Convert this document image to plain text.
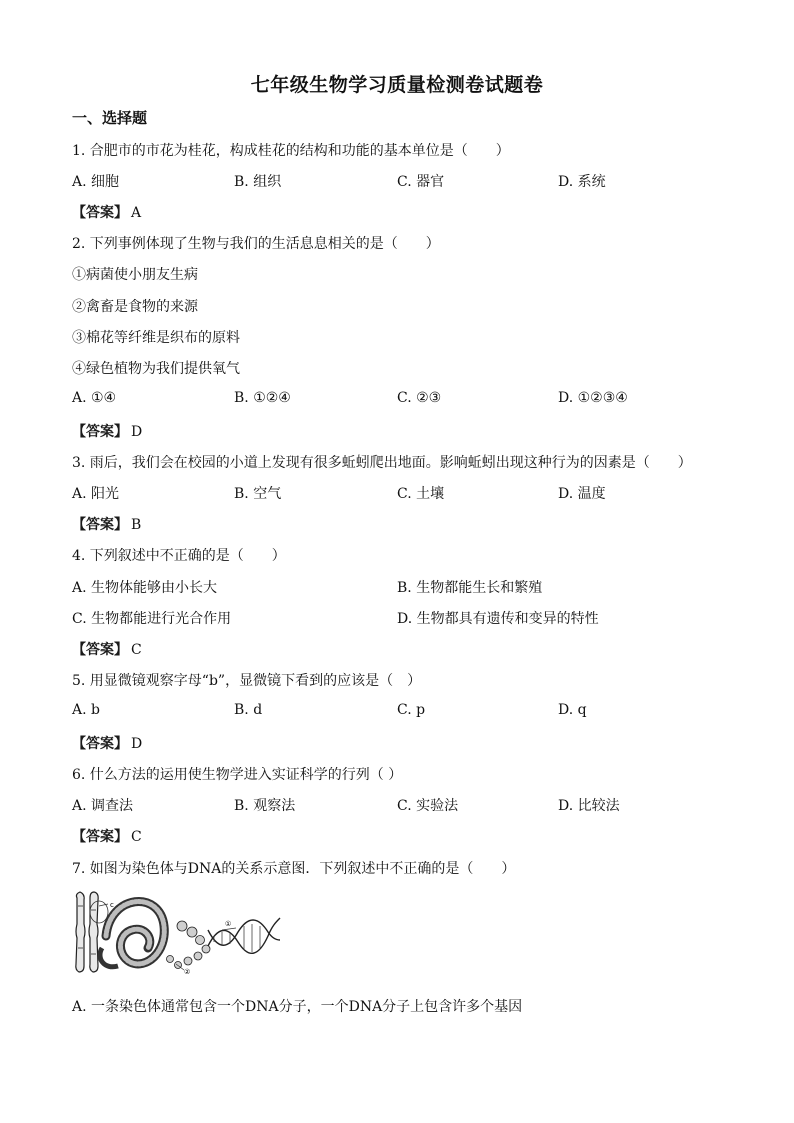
七年级生物学习质量检测卷试题卷
一、选择题
1. 合肥市的市花为桂花，构成桂花的结构和功能的基本单位是（　　）
A. 细胞	B. 组织	C. 器官	D. 系统
【答案】 A
2. 下列事例体现了生物与我们的生活息息相关的是（　　）
①病菌使小朋友生病
②禽畜是食物的来源
③棉花等纤维是织布的原料
④绿色植物为我们提供氧气
A. ①④	B. ①②④	C. ②③	D. ①②③④
【答案】 D
3. 雨后，我们会在校园的小道上发现有很多蚯蚓爬出地面。影响蚯蚓出现这种行为的因素是（　　）
A. 阳光	B. 空气	C. 土壤	D. 温度
【答案】 B
4. 下列叙述中不正确的是（　　）
A. 生物体能够由小长大	B. 生物都能生长和繁殖
C. 生物都能进行光合作用	D. 生物都具有遗传和变异的特性
【答案】 C
5. 用显微镜观察字母“b”，显微镜下看到的应该是（　）
A. b	B. d	C. p	D. q
【答案】 D
6. 什么方法的运用使生物学进入实证科学的行列（ ）
A. 调查法	B. 观察法	C. 实验法	D. 比较法
【答案】 C
7. 如图为染色体与DNA的关系示意图．下列叙述中不正确的是（　　）
c
②
①
A. 一条染色体通常包含一个DNA分子，一个DNA分子上包含许多个基因
